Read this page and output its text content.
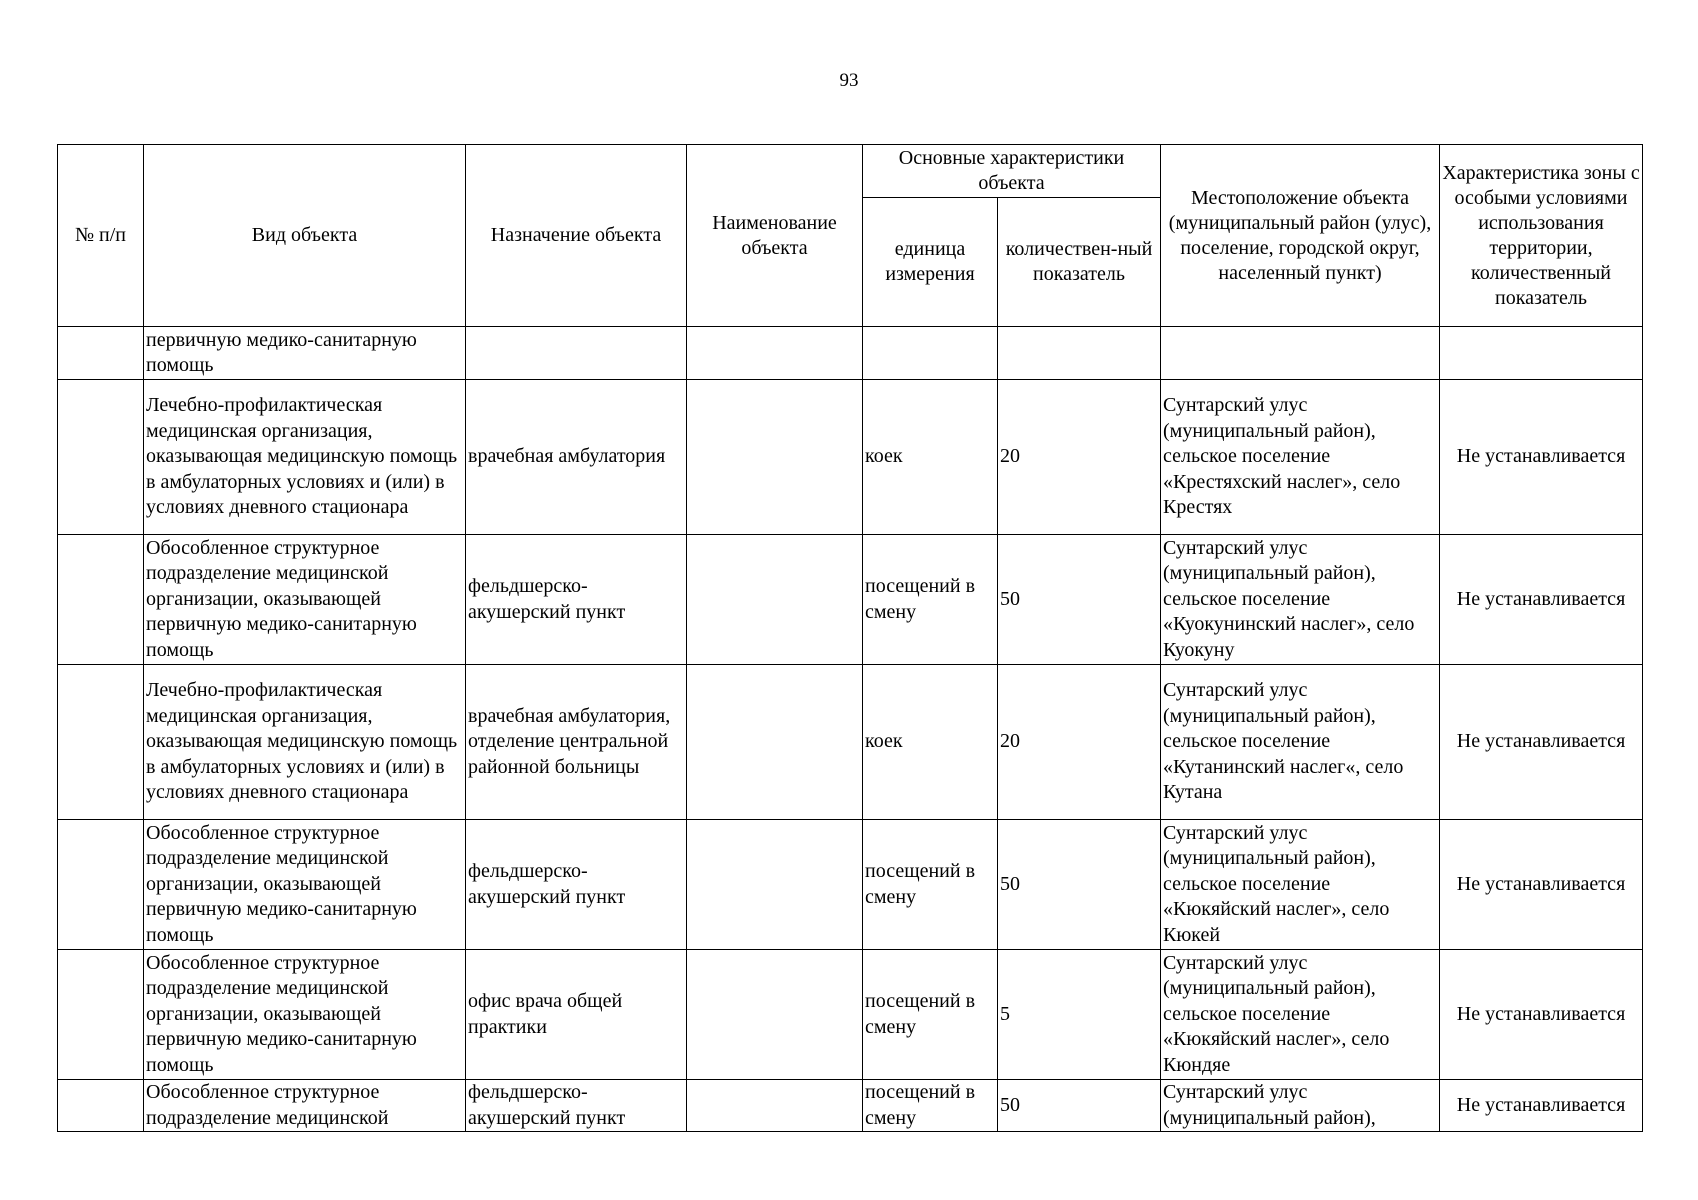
93
№ п/п	Вид объекта	Назначение объекта	Наименование объекта	Основные характеристики объекта		Местоположение объекта (муниципальный район (улус), поселение, городской округ, населенный пункт)	Характеристика зоны с особыми условиями использования территории, количественный показатель
				единица измерения	количествен-ный показатель		
	первичную медико-санитарную помощь						
	Лечебно-профилактическая медицинская организация, оказывающая медицинскую помощь в амбулаторных условиях и (или) в условиях дневного стационара	врачебная амбулатория		коек	20	Сунтарский улус (муниципальный район), сельское поселение «Крестяхский наслег», село Крестях	Не устанавливается
	Обособленное структурное подразделение медицинской организации, оказывающей первичную медико-санитарную помощь	фельдшерско-акушерский пункт		посещений в смену	50	Сунтарский улус (муниципальный район), сельское поселение «Куокунинский наслег», село Куокуну	Не устанавливается
	Лечебно-профилактическая медицинская организация, оказывающая медицинскую помощь в амбулаторных условиях и (или) в условиях дневного стационара	врачебная амбулатория, отделение центральной районной больницы		коек	20	Сунтарский улус (муниципальный район), сельское поселение «Кутанинский наслег«, село Кутана	Не устанавливается
	Обособленное структурное подразделение медицинской организации, оказывающей первичную медико-санитарную помощь	фельдшерско-акушерский пункт		посещений в смену	50	Сунтарский улус (муниципальный район), сельское поселение «Кюкяйский наслег», село Кюкей	Не устанавливается
	Обособленное структурное подразделение медицинской организации, оказывающей первичную медико-санитарную помощь	офис врача общей практики		посещений в смену	5	Сунтарский улус (муниципальный район), сельское поселение «Кюкяйский наслег», село Кюндяе	Не устанавливается
	Обособленное структурное подразделение медицинской	фельдшерско-акушерский пункт		посещений в смену	50	Сунтарский улус (муниципальный район),	Не устанавливается
